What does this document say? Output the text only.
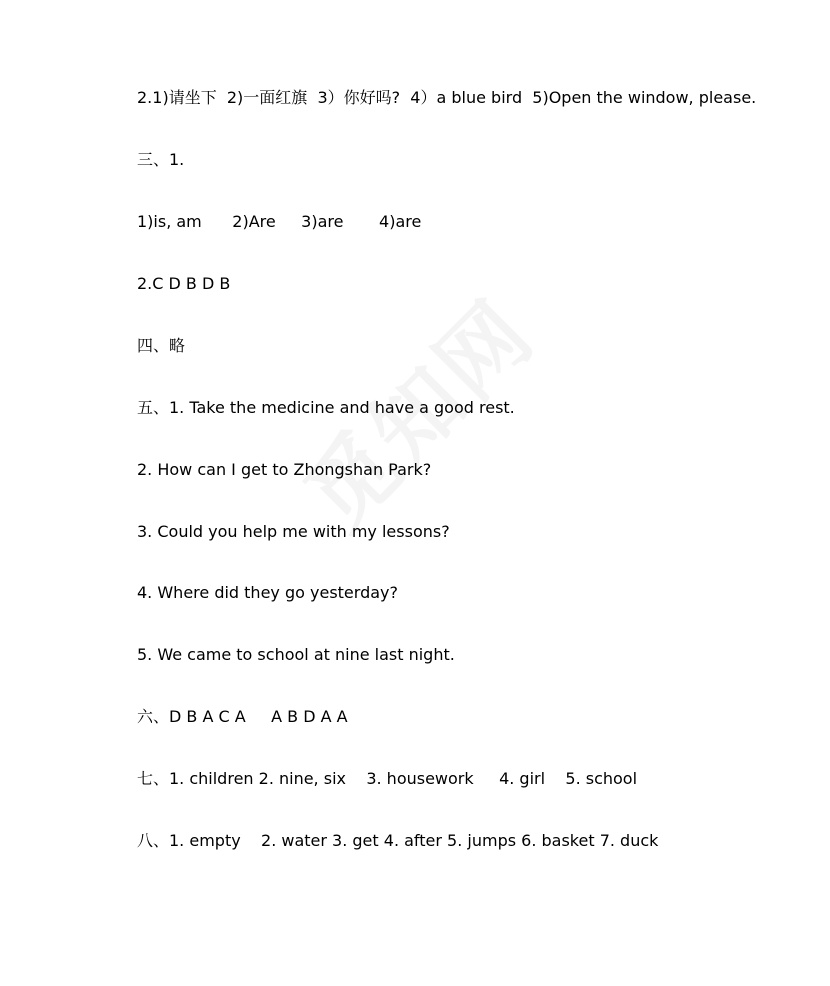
2.1)请坐下  2)一面红旗  3）你好吗?  4）a blue bird  5)Open the window, please.
三、1.
1)is, am      2)Are     3)are       4)are
2.C D B D B
四、略
五、1. Take the medicine and have a good rest.
2. How can I get to Zhongshan Park?
3. Could you help me with my lessons?
4. Where did they go yesterday?
5. We came to school at nine last night.
六、D B A C A     A B D A A
七、1. children 2. nine, six    3. housework     4. girl    5. school
八、1. empty    2. water 3. get 4. after 5. jumps 6. basket 7. duck
